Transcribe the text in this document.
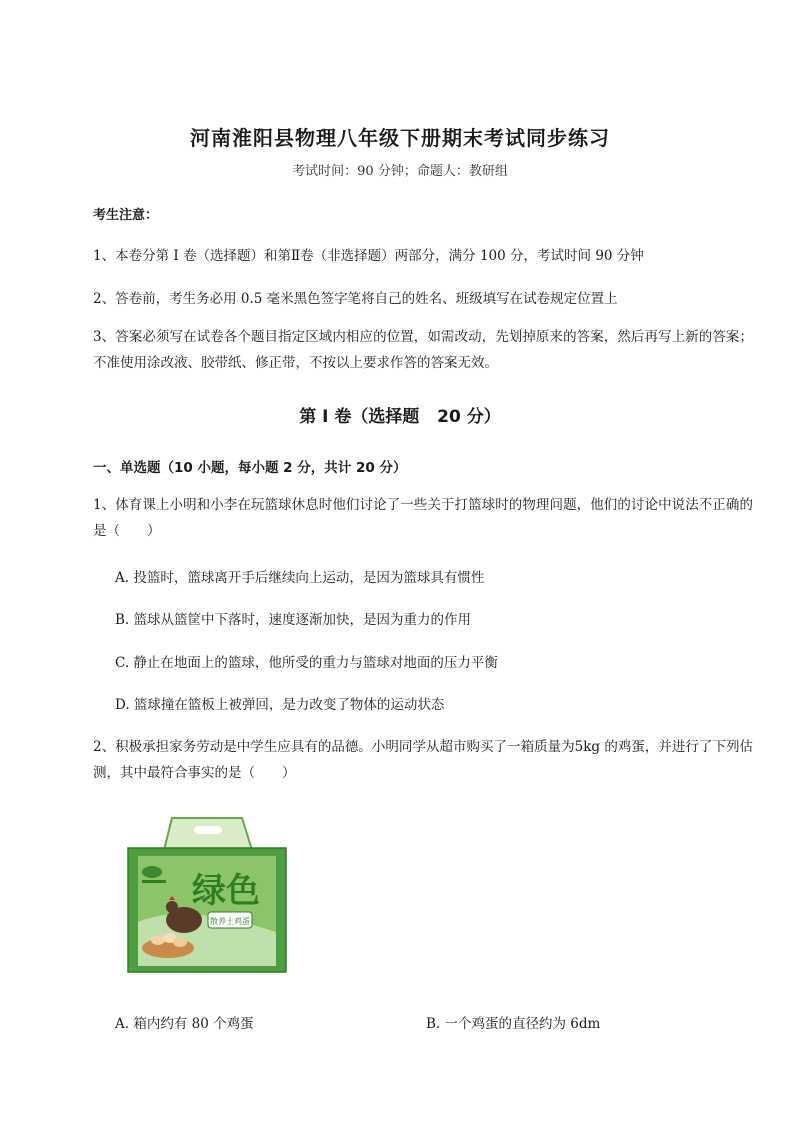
河南淮阳县物理八年级下册期末考试同步练习
考试时间：90 分钟；命题人：教研组
考生注意：
1、本卷分第 I 卷（选择题）和第Ⅱ卷（非选择题）两部分，满分 100 分，考试时间 90 分钟
2、答卷前，考生务必用 0.5 毫米黑色签字笔将自己的姓名、班级填写在试卷规定位置上
3、答案必须写在试卷各个题目指定区域内相应的位置，如需改动，先划掉原来的答案，然后再写上新的答案；不准使用涂改液、胶带纸、修正带，不按以上要求作答的答案无效。
第 I 卷（选择题   20 分）
一、单选题（10 小题，每小题 2 分，共计 20 分）
1、体育课上小明和小李在玩篮球休息时他们讨论了一些关于打篮球时的物理问题，他们的讨论中说法不正确的是（　　）
A. 投篮时，篮球离开手后继续向上运动，是因为篮球具有惯性
B. 篮球从篮筐中下落时，速度逐渐加快，是因为重力的作用
C. 静止在地面上的篮球，他所受的重力与篮球对地面的压力平衡
D. 篮球撞在篮板上被弹回，是力改变了物体的运动状态
2、积极承担家务劳动是中学生应具有的品德。小明同学从超市购买了一箱质量为5kg 的鸡蛋，并进行了下列估测，其中最符合事实的是（　　）
绿色
散养土鸡蛋
A. 箱内约有 80 个鸡蛋	B. 一个鸡蛋的直径约为 6dm
